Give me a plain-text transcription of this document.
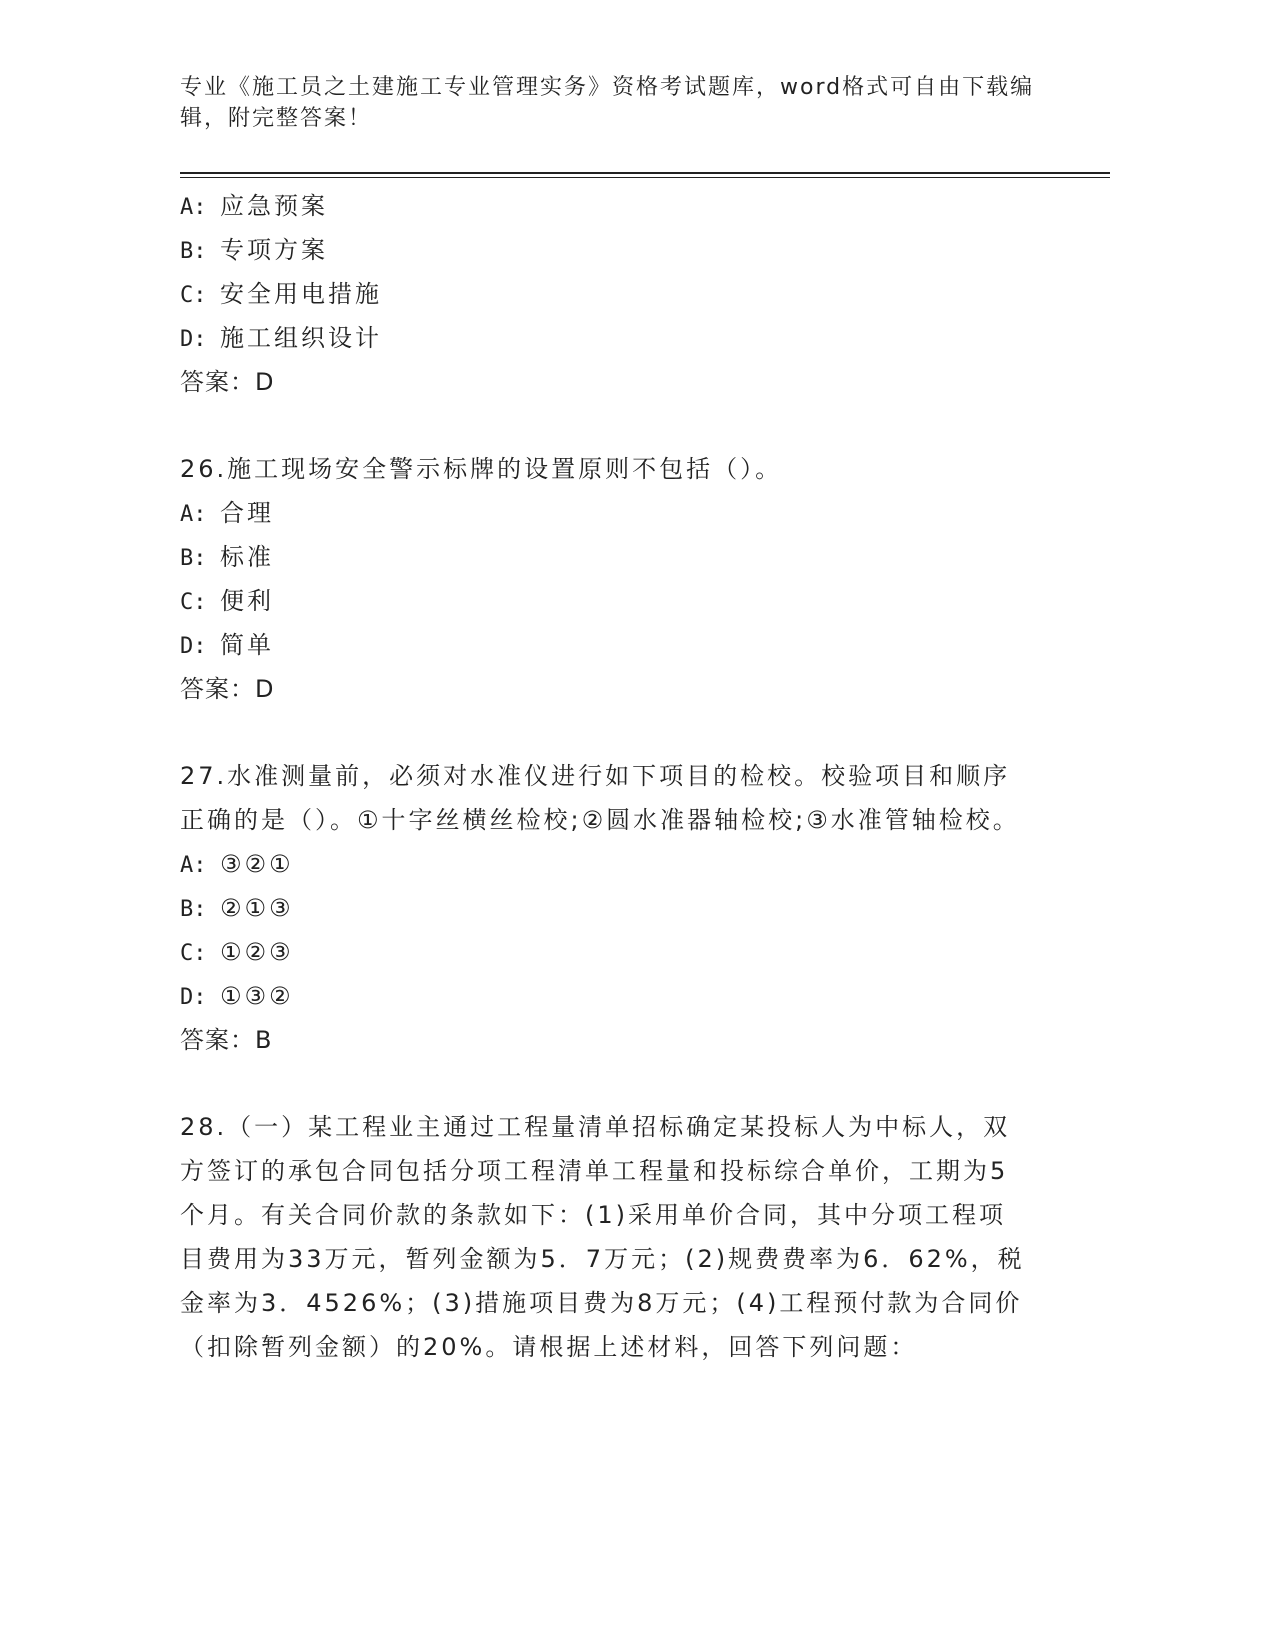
专业《施工员之土建施工专业管理实务》资格考试题库，word格式可自由下载编辑，附完整答案！
A: 应急预案
B: 专项方案
C: 安全用电措施
D: 施工组织设计
答案：D
26.施工现场安全警示标牌的设置原则不包括（）。
A: 合理
B: 标准
C: 便利
D: 简单
答案：D
27.水准测量前，必须对水准仪进行如下项目的检校。校验项目和顺序正确的是（）。①十字丝横丝检校;②圆水准器轴检校;③水准管轴检校。
A: ③②①
B: ②①③
C: ①②③
D: ①③②
答案：B
28.（一）某工程业主通过工程量清单招标确定某投标人为中标人，双方签订的承包合同包括分项工程清单工程量和投标综合单价，工期为5个月。有关合同价款的条款如下：(1)采用单价合同，其中分项工程项目费用为33万元，暂列金额为5．7万元；(2)规费费率为6．62%，税金率为3．4526%；(3)措施项目费为8万元；(4)工程预付款为合同价（扣除暂列金额）的20%。请根据上述材料，回答下列问题：
